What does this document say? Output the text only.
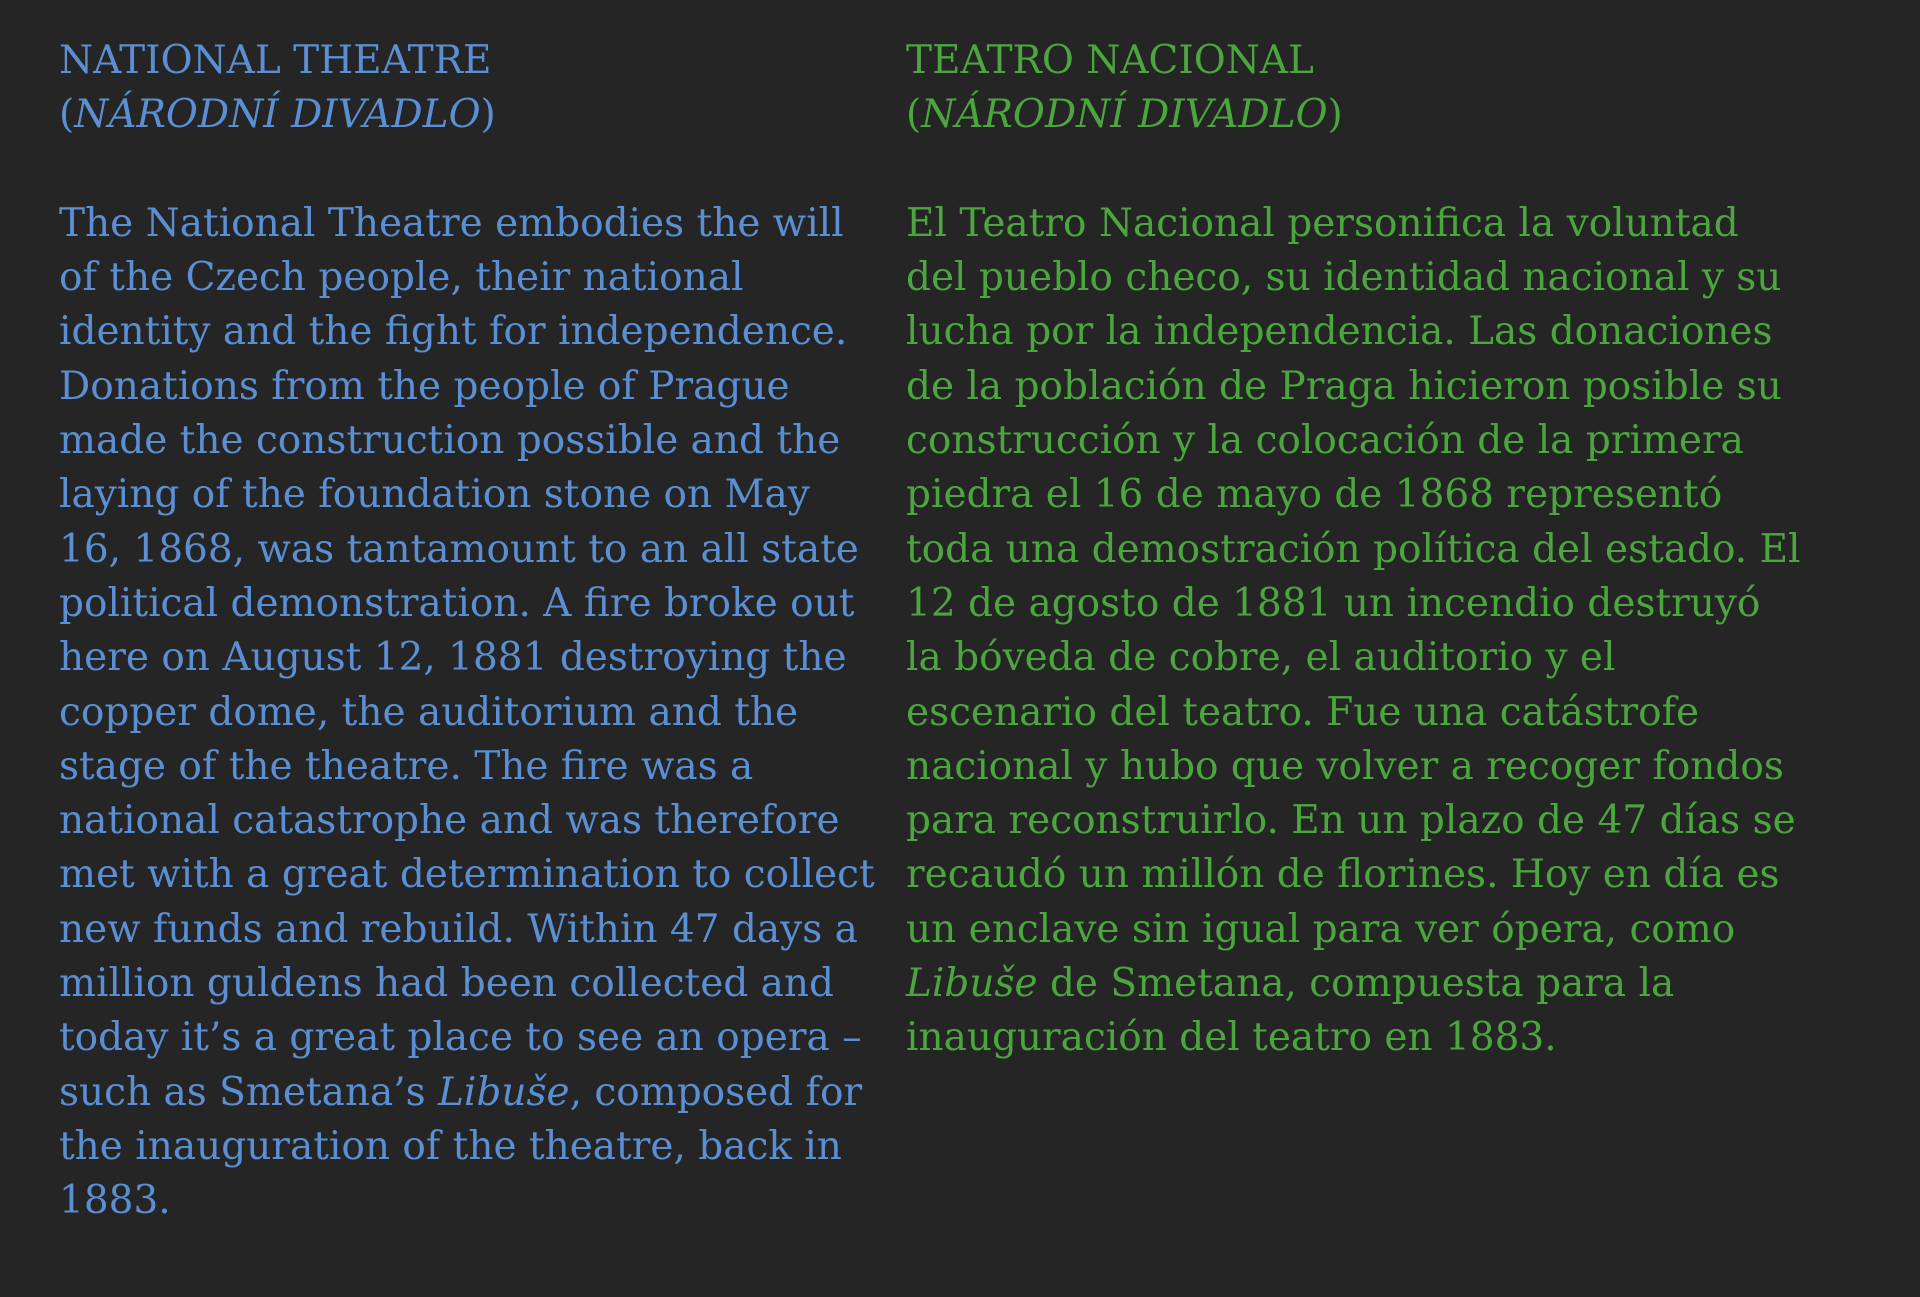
NATIONAL THEATRE
(NÁRODNÍ DIVADLO)
The National Theatre embodies the will
of the Czech people, their national
identity and the fight for independence.
Donations from the people of Prague
made the construction possible and the
laying of the foundation stone on May
16, 1868, was tantamount to an all state
political demonstration. A fire broke out
here on August 12, 1881 destroying the
copper dome, the auditorium and the
stage of the theatre. The fire was a
national catastrophe and was therefore
met with a great determination to collect
new funds and rebuild. Within 47 days a
million guldens had been collected and
today it’s a great place to see an opera –
such as Smetana’s Libuše, composed for
the inauguration of the theatre, back in
1883.
TEATRO NACIONAL
(NÁRODNÍ DIVADLO)
El Teatro Nacional personifica la voluntad
del pueblo checo, su identidad nacional y su
lucha por la independencia. Las donaciones
de la población de Praga hicieron posible su
construcción y la colocación de la primera
piedra el 16 de mayo de 1868 representó
toda una demostración política del estado. El
12 de agosto de 1881 un incendio destruyó
la bóveda de cobre, el auditorio y el
escenario del teatro. Fue una catástrofe
nacional y hubo que volver a recoger fondos
para reconstruirlo. En un plazo de 47 días se
recaudó un millón de florines. Hoy en día es
un enclave sin igual para ver ópera, como
Libuše de Smetana, compuesta para la
inauguración del teatro en 1883.
